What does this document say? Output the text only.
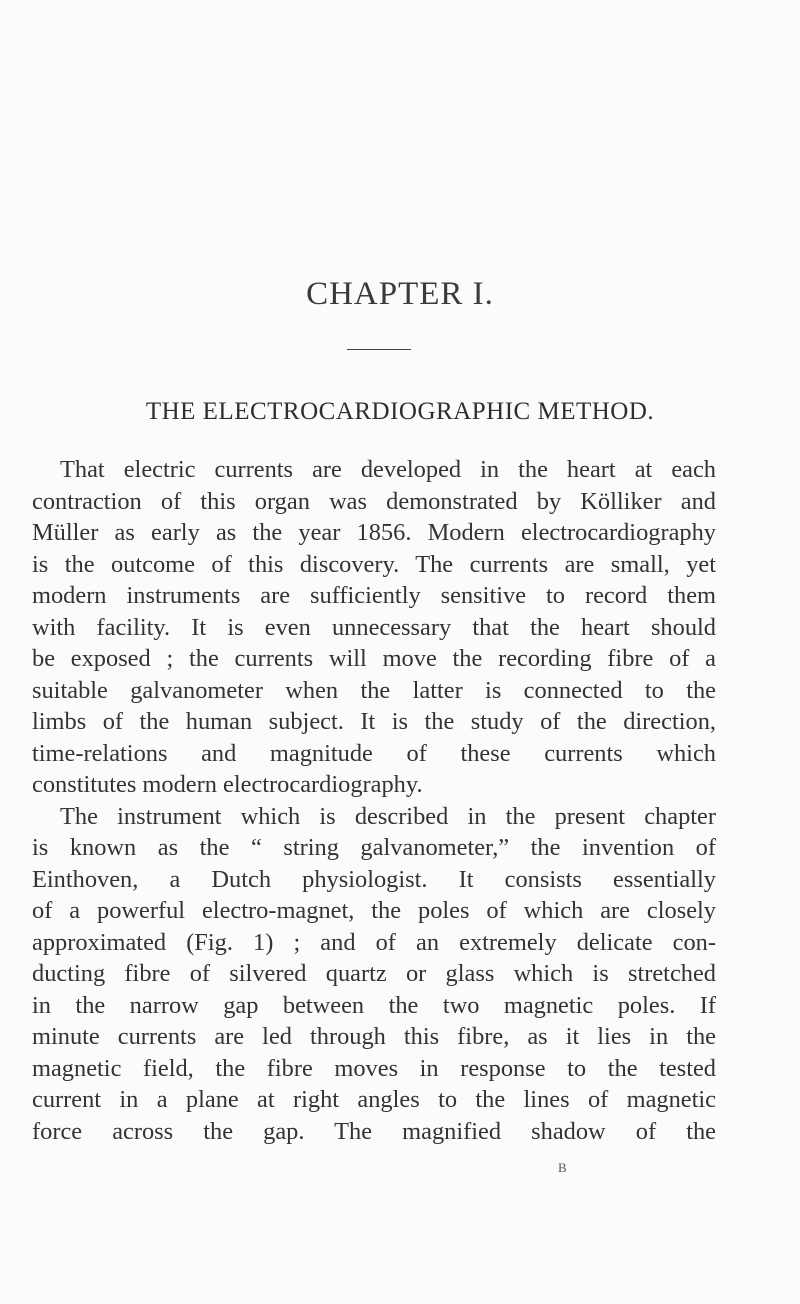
CHAPTER I.
THE ELECTROCARDIOGRAPHIC METHOD.
That electric currents are developed in the heart at each
contraction of this organ was demonstrated by Kölliker and
Müller as early as the year 1856. Modern electrocardiography
is the outcome of this discovery. The currents are small, yet
modern instruments are sufficiently sensitive to record them
with facility. It is even unnecessary that the heart should
be exposed ; the currents will move the recording fibre of a
suitable galvanometer when the latter is connected to the
limbs of the human subject. It is the study of the direction,
time-relations and magnitude of these currents which
constitutes modern electrocardiography.
The instrument which is described in the present chapter
is known as the “ string galvanometer,” the invention of
Einthoven, a Dutch physiologist. It consists essentially
of a powerful electro-magnet, the poles of which are closely
approximated (Fig. 1) ; and of an extremely delicate con-
ducting fibre of silvered quartz or glass which is stretched
in the narrow gap between the two magnetic poles. If
minute currents are led through this fibre, as it lies in the
magnetic field, the fibre moves in response to the tested
current in a plane at right angles to the lines of magnetic
force across the gap. The magnified shadow of the
B
